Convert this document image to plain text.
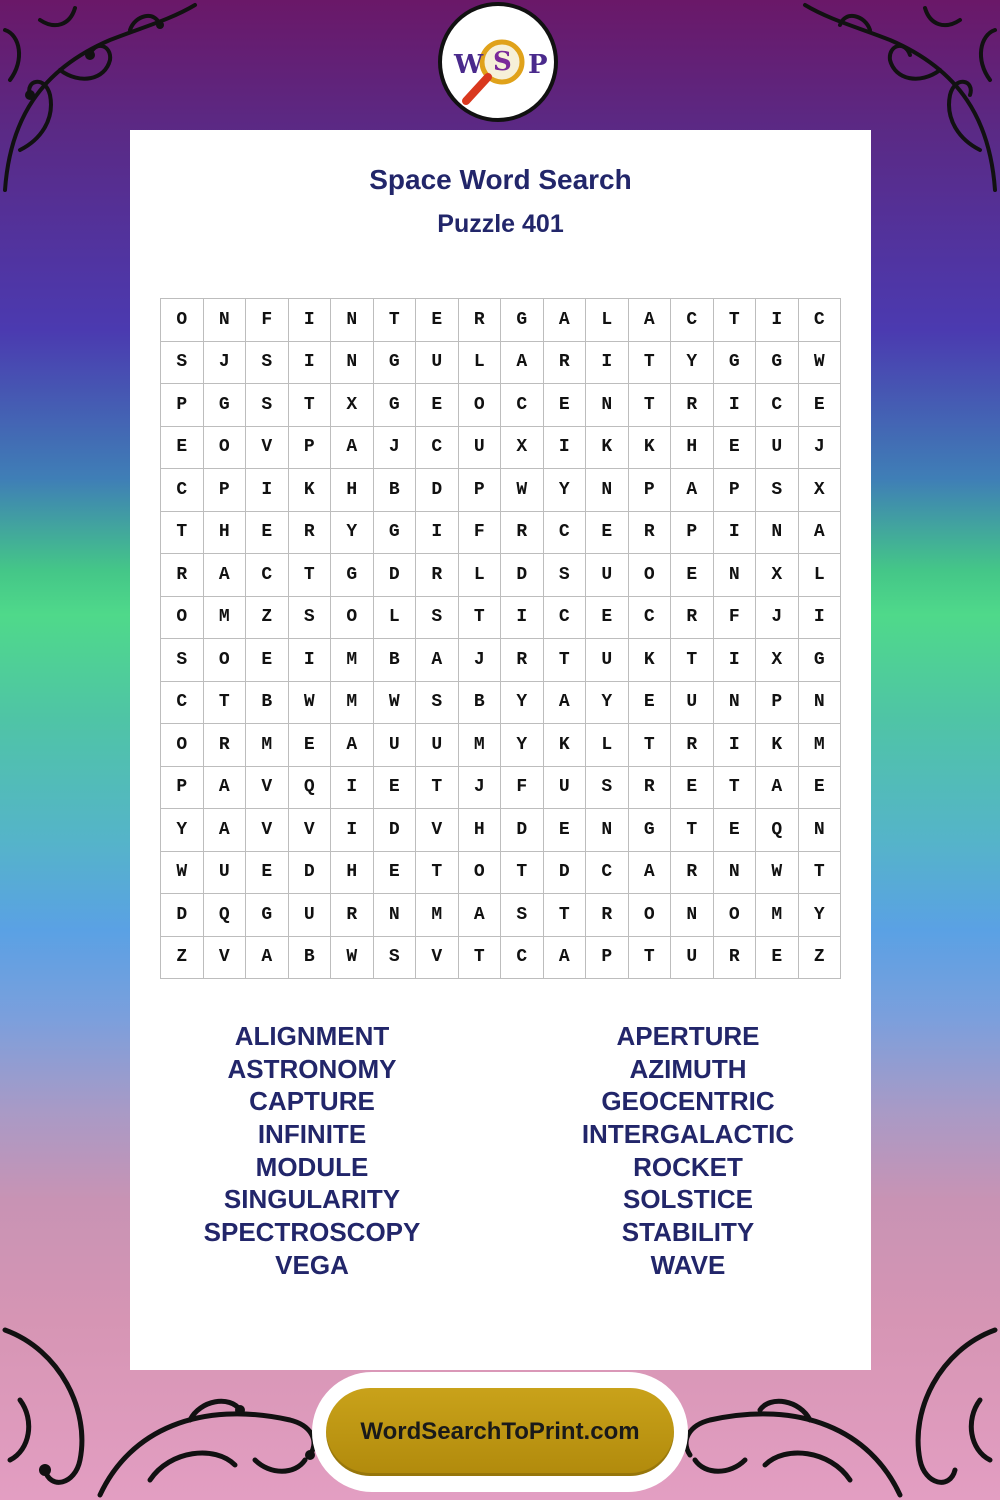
W S P
Space Word Search
Puzzle 401
O	N	F	I	N	T	E	R	G	A	L	A	C	T	I	C
S	J	S	I	N	G	U	L	A	R	I	T	Y	G	G	W
P	G	S	T	X	G	E	O	C	E	N	T	R	I	C	E
E	O	V	P	A	J	C	U	X	I	K	K	H	E	U	J
C	P	I	K	H	B	D	P	W	Y	N	P	A	P	S	X
T	H	E	R	Y	G	I	F	R	C	E	R	P	I	N	A
R	A	C	T	G	D	R	L	D	S	U	O	E	N	X	L
O	M	Z	S	O	L	S	T	I	C	E	C	R	F	J	I
S	O	E	I	M	B	A	J	R	T	U	K	T	I	X	G
C	T	B	W	M	W	S	B	Y	A	Y	E	U	N	P	N
O	R	M	E	A	U	U	M	Y	K	L	T	R	I	K	M
P	A	V	Q	I	E	T	J	F	U	S	R	E	T	A	E
Y	A	V	V	I	D	V	H	D	E	N	G	T	E	Q	N
W	U	E	D	H	E	T	O	T	D	C	A	R	N	W	T
D	Q	G	U	R	N	M	A	S	T	R	O	N	O	M	Y
Z	V	A	B	W	S	V	T	C	A	P	T	U	R	E	Z
ALIGNMENT
ASTRONOMY
CAPTURE
INFINITE
MODULE
SINGULARITY
SPECTROSCOPY
VEGA
APERTURE
AZIMUTH
GEOCENTRIC
INTERGALACTIC
ROCKET
SOLSTICE
STABILITY
WAVE
WordSearchToPrint.com
